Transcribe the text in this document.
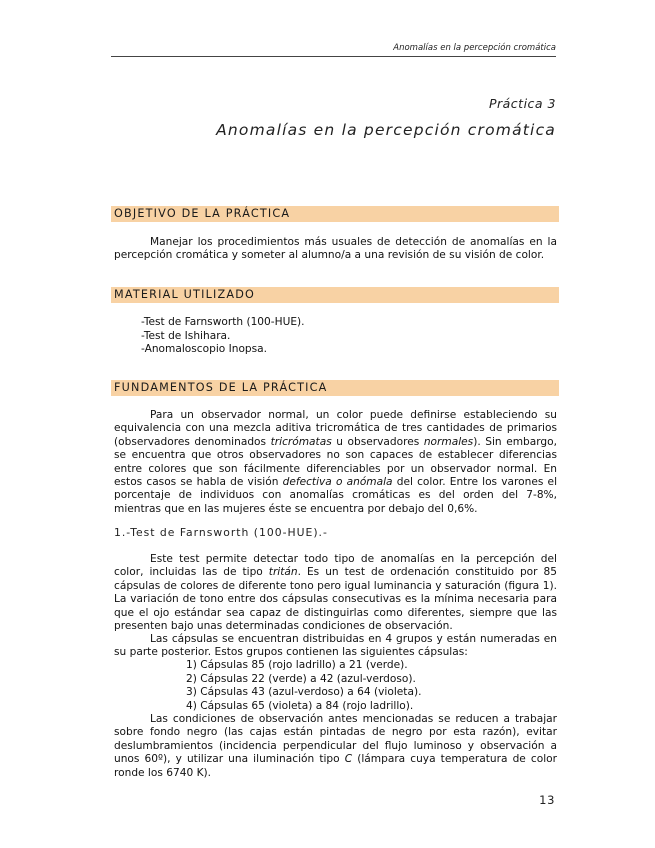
Anomalías en la percepción cromática
Práctica 3
Anomalías en la percepción cromática
OBJETIVO DE LA PRÁCTICA
Manejar los procedimientos más usuales de detección de anomalías en la percepción cromática y someter al alumno/a a una revisión de su visión de color.
MATERIAL UTILIZADO
-Test de Farnsworth (100-HUE).
-Test de Ishihara.
-Anomaloscopio Inopsa.
FUNDAMENTOS DE LA PRÁCTICA
Para un observador normal, un color puede definirse estableciendo su equivalencia con una mezcla aditiva tricromática de tres cantidades de primarios (observadores denominados tricrómatas u observadores normales). Sin embargo, se encuentra que otros observadores no son capaces de establecer diferencias entre colores que son fácilmente diferenciables por un observador normal. En estos casos se habla de visión defectiva o anómala del color. Entre los varones el porcentaje de individuos con anomalías cromáticas es del orden del 7-8%, mientras que en las mujeres éste se encuentra por debajo del 0,6%.
1.-Test de Farnsworth (100-HUE).-
Este test permite detectar todo tipo de anomalías en la percepción del color, incluidas las de tipo tritán. Es un test de ordenación constituido por 85 cápsulas de colores de diferente tono pero igual luminancia y saturación (figura 1). La variación de tono entre dos cápsulas consecutivas es la mínima necesaria para que el ojo estándar sea capaz de distinguirlas como diferentes, siempre que las presenten bajo unas determinadas condiciones de observación.
Las cápsulas se encuentran distribuidas en 4 grupos y están numeradas en su parte posterior. Estos grupos contienen las siguientes cápsulas:
1) Cápsulas 85 (rojo ladrillo) a 21 (verde).
2) Cápsulas 22 (verde) a 42 (azul-verdoso).
3) Cápsulas 43 (azul-verdoso) a 64 (violeta).
4) Cápsulas 65 (violeta) a 84 (rojo ladrillo).
Las condiciones de observación antes mencionadas se reducen a trabajar sobre fondo negro (las cajas están pintadas de negro por esta razón), evitar deslumbramientos (incidencia perpendicular del flujo luminoso y observación a unos 60º), y utilizar una iluminación tipo C (lámpara cuya temperatura de color ronde los 6740 K).
13
